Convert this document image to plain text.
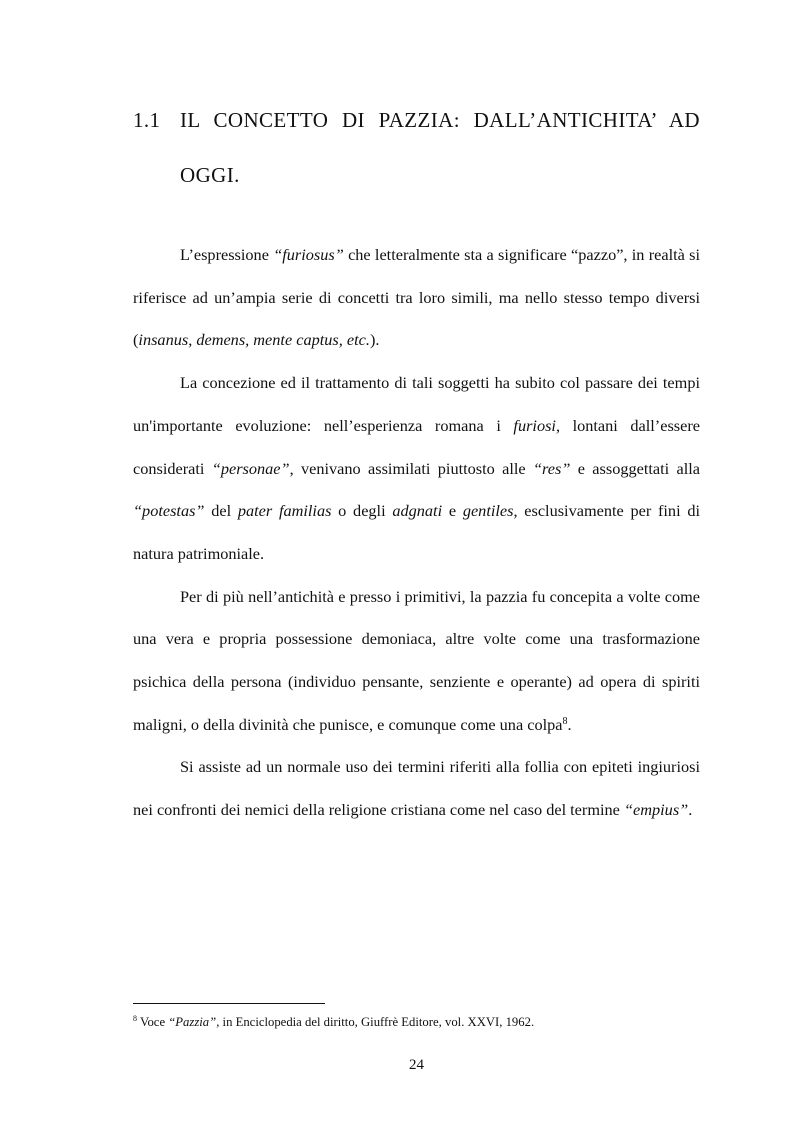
1.1 IL CONCETTO DI PAZZIA: DALL’ANTICHITA’ AD OGGI.

L’espressione “furiosus” che letteralmente sta a significare “pazzo”, in realtà si riferisce ad un’ampia serie di concetti tra loro simili, ma nello stesso tempo diversi (insanus, demens, mente captus, etc.).

La concezione ed il trattamento di tali soggetti ha subito col passare dei tempi un'importante evoluzione: nell’esperienza romana i furiosi, lontani dall’essere considerati “personae”, venivano assimilati piuttosto alle “res” e assoggettati alla “potestas” del pater familias o degli adgnati e gentiles, esclusivamente per fini di natura patrimoniale.

Per di più nell’antichità e presso i primitivi, la pazzia fu concepita a volte come una vera e propria possessione demoniaca, altre volte come una trasformazione psichica della persona (individuo pensante, senziente e operante) ad opera di spiriti maligni, o della divinità che punisce, e comunque come una colpa$^8$.

Si assiste ad un normale uso dei termini riferiti alla follia con epiteti ingiuriosi nei confronti dei nemici della religione cristiana come nel caso del termine “empius”.

$^8$ Voce “Pazzia”, in Enciclopedia del diritto, Giuffrè Editore, vol. XXVI, 1962.
24
